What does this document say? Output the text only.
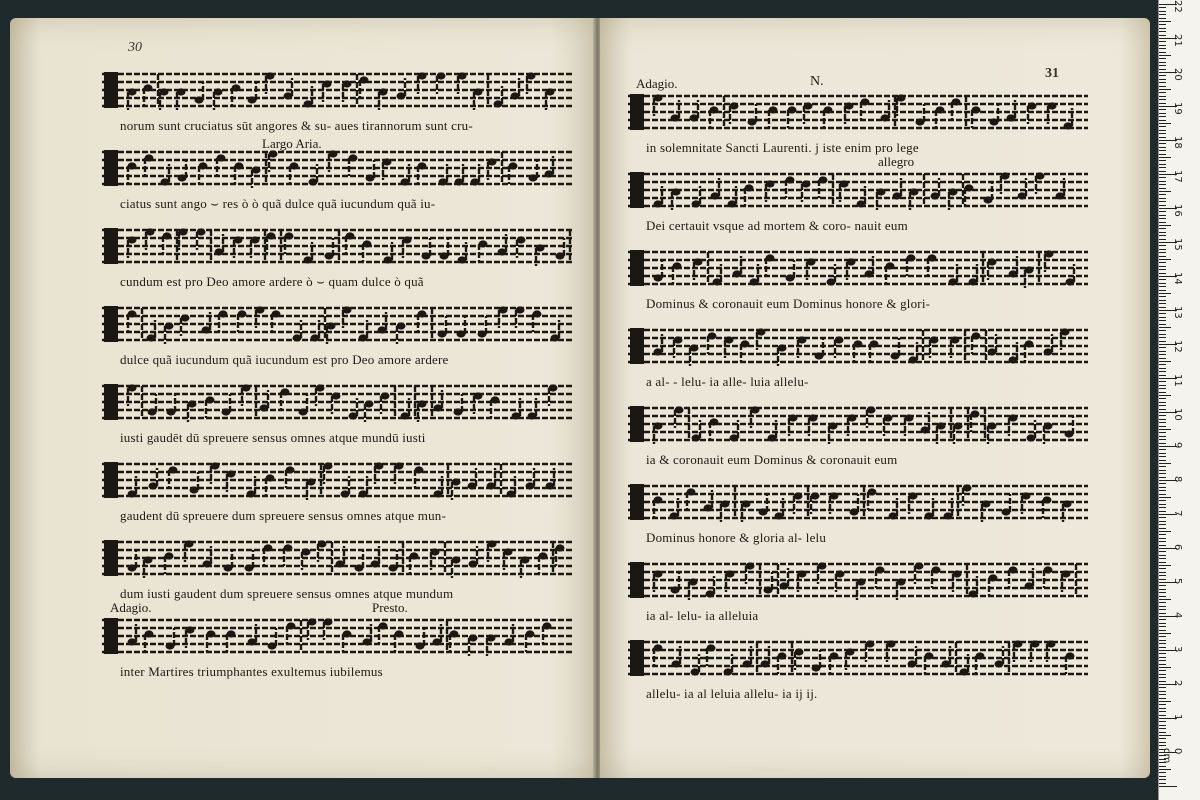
30
norum sunt cruciatus sūt angores & su- aues tirannorum sunt cru-
ciatus sunt ango ⌣ res ò ò quã dulce quã iucundum quã iu-
Largo Aria.
cundum est pro Deo amore ardere ò ⌣ quam dulce ò quã
dulce quã iucundum quã iucundum est pro Deo amore ardere
iusti gaudēt dū spreuere sensus omnes atque mundū iusti
gaudent dū spreuere dum spreuere sensus omnes atque mun-
dum iusti gaudent dum spreuere sensus omnes atque mundum
inter Martires triumphantes exultemus iubilemus
Adagio.	Presto.
31
N.
in solemnitate Sancti Laurenti. j iste enim pro lege
Adagio.
Dei certauit vsque ad mortem & coro- nauit eum
allegro
Dominus & coronauit eum Dominus honore & glori-
a al- - lelu- ia alle- luia allelu-
ia & coronauit eum Dominus & coronauit eum
Dominus honore & gloria al- lelu
ia al- lelu- ia alleluia
allelu- ia al leluia allelu- ia ij ij.
22
21
20
19
18
17
16
15
14
13
12
11
10
9
8
7
6
5
4
3
2
1
0 cm
